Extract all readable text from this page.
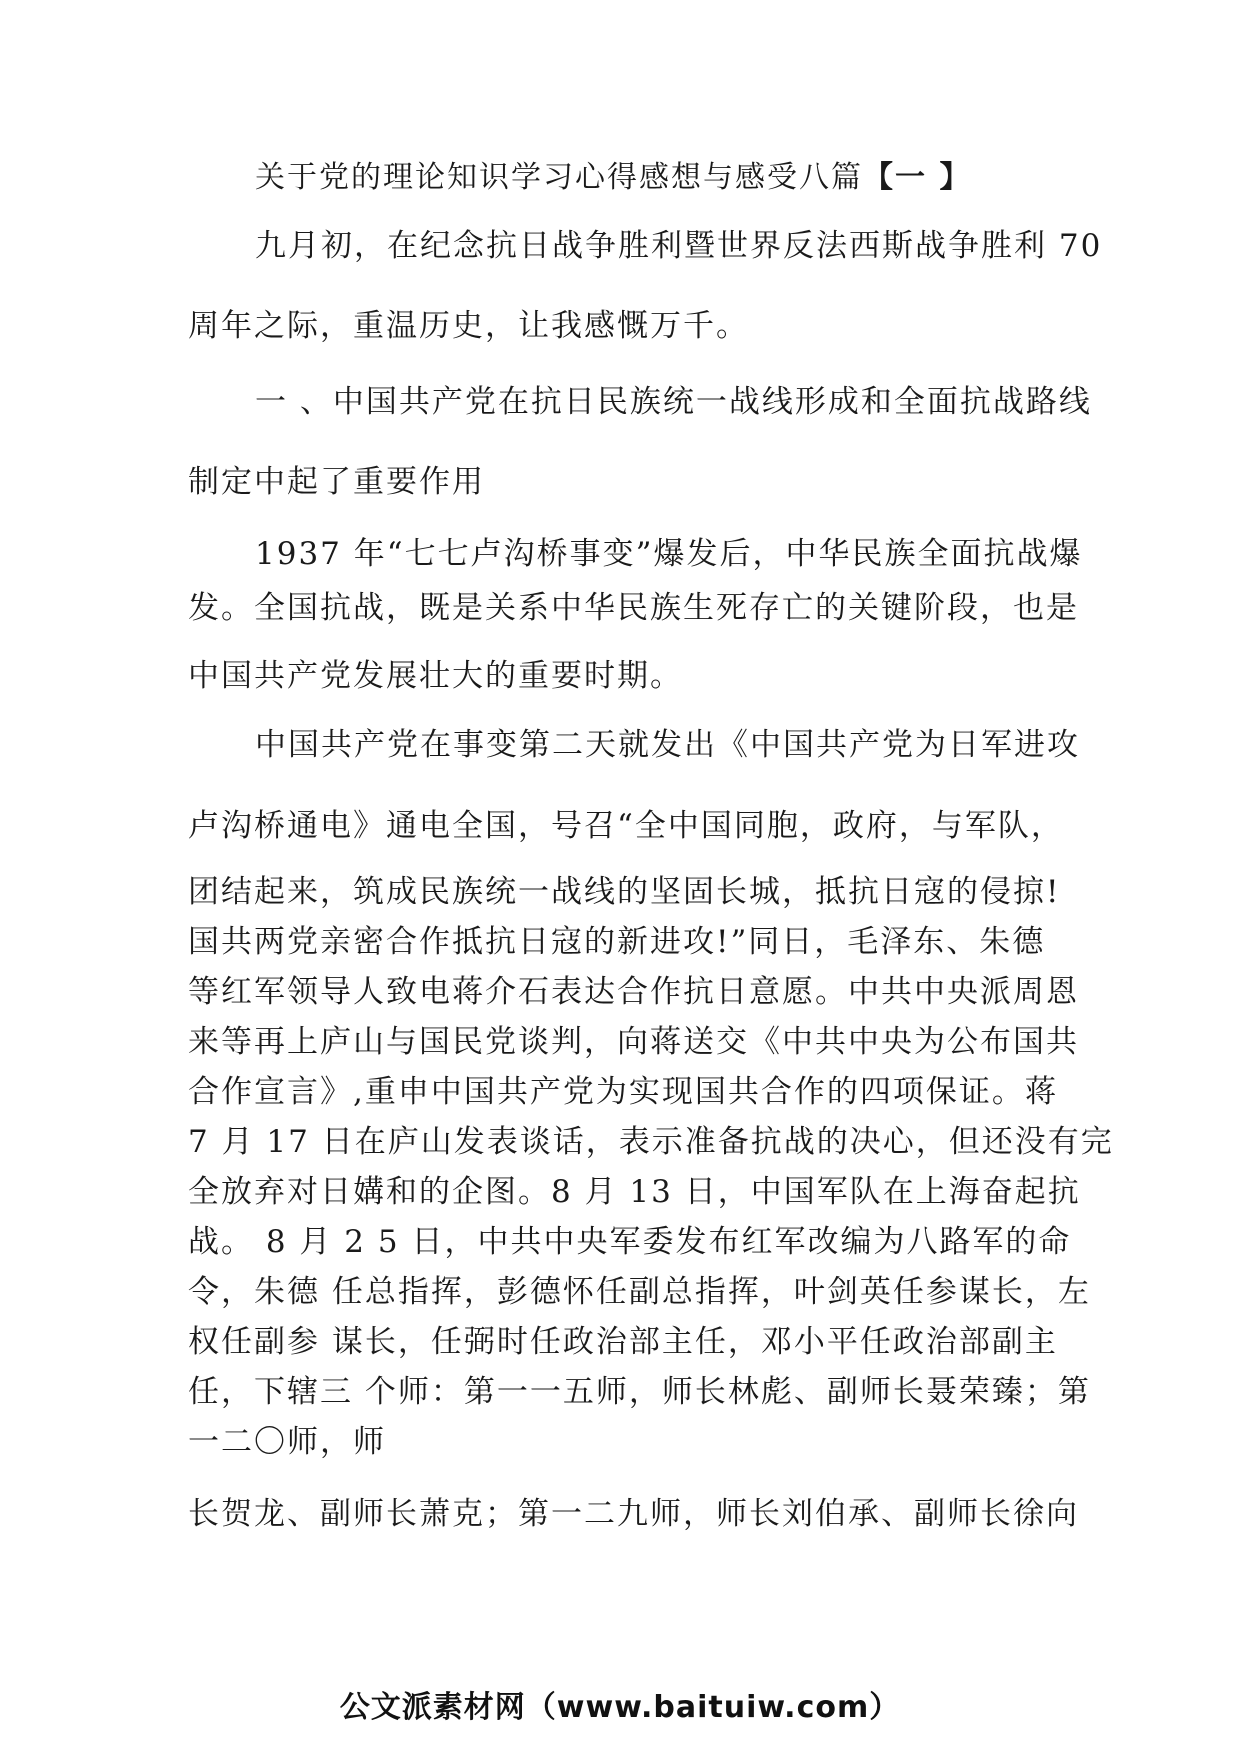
关于党的理论知识学习心得感想与感受八篇【一 】
九月初，在纪念抗日战争胜利暨世界反法西斯战争胜利 70
周年之际，重温历史，让我感慨万千。
一 、中国共产党在抗日民族统一战线形成和全面抗战路线
制定中起了重要作用
1937 年“七七卢沟桥事变”爆发后，中华民族全面抗战爆
发。全国抗战，既是关系中华民族生死存亡的关键阶段，也是
中国共产党发展壮大的重要时期。
中国共产党在事变第二天就发出《中国共产党为日军进攻
卢沟桥通电》通电全国，号召“全中国同胞，政府，与军队，
团结起来，筑成民族统一战线的坚固长城，抵抗日寇的侵掠!
国共两党亲密合作抵抗日寇的新进攻!”同日，毛泽东、朱德
等红军领导人致电蒋介石表达合作抗日意愿。中共中央派周恩
来等再上庐山与国民党谈判，向蒋送交《中共中央为公布国共
合作宣言》,重申中国共产党为实现国共合作的四项保证。蒋
7 月 17 日在庐山发表谈话，表示准备抗战的决心，但还没有完
全放弃对日媾和的企图。8 月 13 日，中国军队在上海奋起抗
战。 8 月 2 5 日，中共中央军委发布红军改编为八路军的命
令，朱德 任总指挥，彭德怀任副总指挥，叶剑英任参谋长，左
权任副参 谋长，任弼时任政治部主任，邓小平任政治部副主
任，下辖三 个师：第一一五师，师长林彪、副师长聂荣臻；第
一二〇师，师
长贺龙、副师长萧克；第一二九师，师长刘伯承、副师长徐向
公文派素材网（www.baituiw.com）
